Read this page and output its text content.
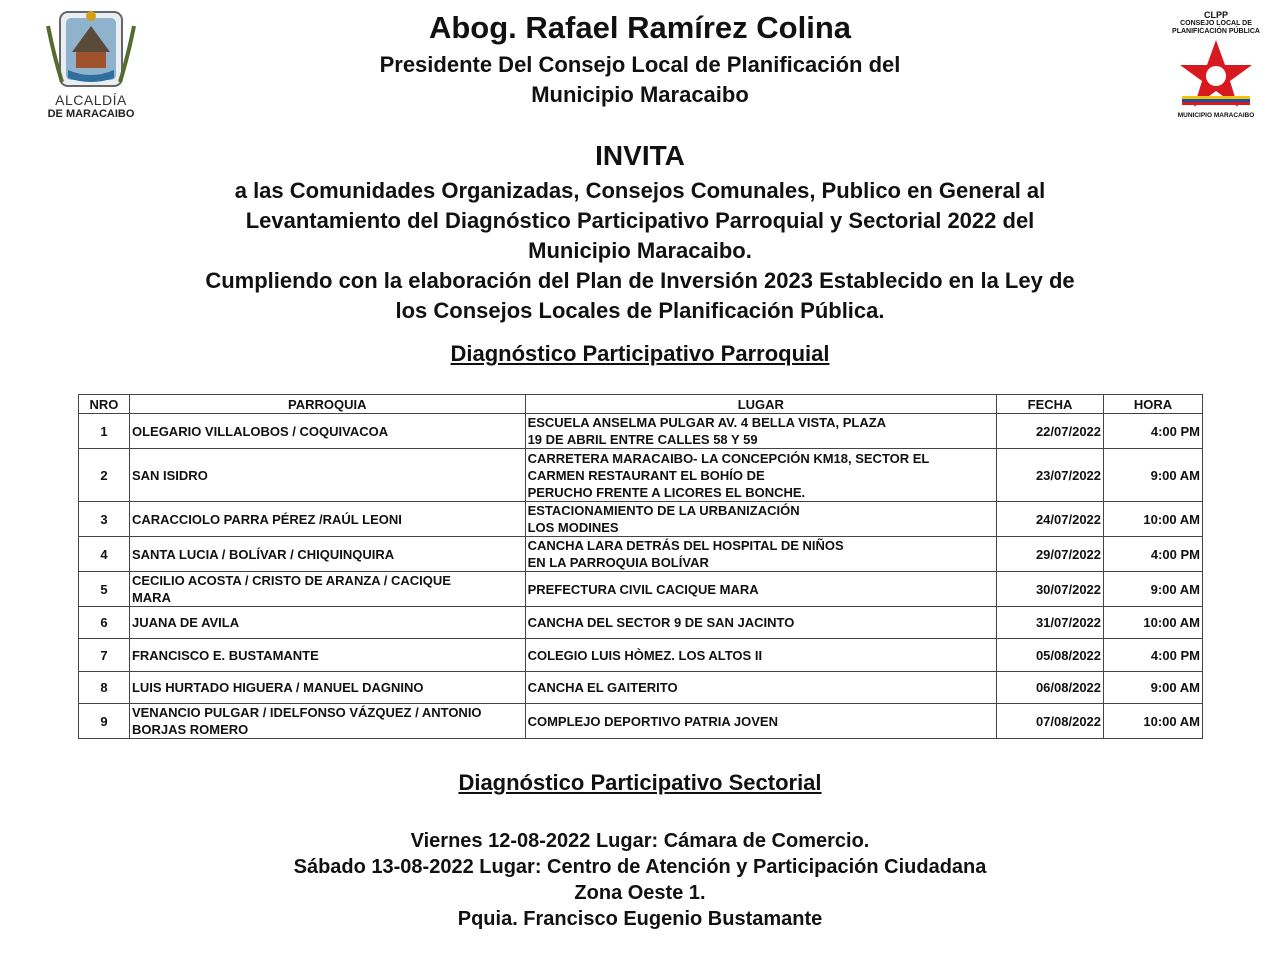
ALCALDÍA
DE MARACAIBO
CLPP
CONSEJO LOCAL DE
PLANIFICACIÓN PÚBLICA
MUNICIPIO MARACAIBO
Abog. Rafael Ramírez Colina
Presidente Del Consejo Local de Planificación del
Municipio Maracaibo
INVITA
a las Comunidades Organizadas, Consejos Comunales, Publico en General al
Levantamiento del Diagnóstico Participativo Parroquial y Sectorial 2022 del
Municipio Maracaibo.
Cumpliendo con la elaboración del Plan de Inversión 2023 Establecido en la Ley de
los Consejos Locales de Planificación Pública.
Diagnóstico Participativo Parroquial
NRO	PARROQUIA	LUGAR	FECHA	HORA
1	OLEGARIO VILLALOBOS / COQUIVACOA	ESCUELA ANSELMA PULGAR AV. 4 BELLA VISTA, PLAZA
19 DE ABRIL ENTRE CALLES 58 Y 59	22/07/2022	4:00 PM
2	SAN ISIDRO	CARRETERA MARACAIBO- LA CONCEPCIÓN KM18, SECTOR EL
CARMEN RESTAURANT EL BOHÍO DE
PERUCHO FRENTE A LICORES EL BONCHE.	23/07/2022	9:00 AM
3	CARACCIOLO PARRA PÉREZ /RAÚL LEONI	ESTACIONAMIENTO DE LA URBANIZACIÓN
LOS MODINES	24/07/2022	10:00 AM
4	SANTA LUCIA / BOLÍVAR / CHIQUINQUIRA	CANCHA LARA DETRÁS DEL HOSPITAL DE NIÑOS
EN LA PARROQUIA BOLÍVAR	29/07/2022	4:00 PM
5	CECILIO ACOSTA / CRISTO DE ARANZA / CACIQUE
MARA	PREFECTURA CIVIL CACIQUE MARA	30/07/2022	9:00 AM
6	JUANA DE AVILA	CANCHA DEL SECTOR 9 DE SAN JACINTO	31/07/2022	10:00 AM
7	FRANCISCO E. BUSTAMANTE	COLEGIO LUIS HÒMEZ. LOS ALTOS II	05/08/2022	4:00 PM
8	LUIS HURTADO HIGUERA / MANUEL DAGNINO	CANCHA EL GAITERITO	06/08/2022	9:00 AM
9	VENANCIO PULGAR / IDELFONSO VÁZQUEZ / ANTONIO
BORJAS ROMERO	COMPLEJO DEPORTIVO PATRIA JOVEN	07/08/2022	10:00 AM
Diagnóstico Participativo Sectorial
Viernes 12-08-2022 Lugar: Cámara de Comercio.
Sábado 13-08-2022 Lugar: Centro de Atención y Participación Ciudadana
Zona Oeste 1.
Pquia. Francisco Eugenio Bustamante
